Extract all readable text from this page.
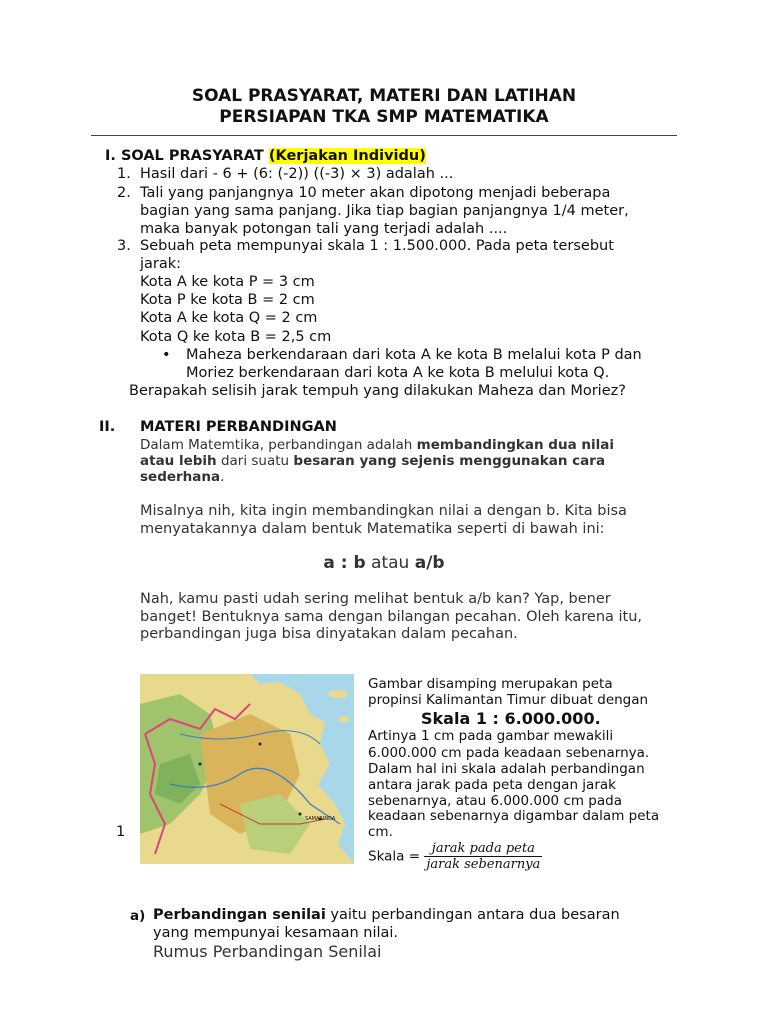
SOAL PRASYARAT, MATERI DAN LATIHAN
PERSIAPAN TKA SMP MATEMATIKA
I. SOAL PRASYARAT (Kerjakan Individu)
1. Hasil dari - 6 + (6: (-2)) ((-3) × 3) adalah ...
2. Tali yang panjangnya 10 meter akan dipotong menjadi beberapa
bagian yang sama panjang. Jika tiap bagian panjangnya 1/4 meter,
maka banyak potongan tali yang terjadi adalah ....
3. Sebuah peta mempunyai skala 1 : 1.500.000. Pada peta tersebut
jarak:
Kota A ke kota P = 3 cm
Kota P ke kota B = 2 cm
Kota A ke kota Q = 2 cm
Kota Q ke kota B = 2,5 cm
• Maheza berkendaraan dari kota A ke kota B melalui kota P dan
Moriez berkendaraan dari kota A ke kota B melului kota Q.
Berapakah selisih jarak tempuh yang dilakukan Maheza dan Moriez?
II. MATERI PERBANDINGAN
Dalam Matemtika, perbandingan adalah membandingkan dua nilai
atau lebih dari suatu besaran yang sejenis menggunakan cara
sederhana.
Misalnya nih, kita ingin membandingkan nilai a dengan b. Kita bisa
menyatakannya dalam bentuk Matematika seperti di bawah ini:
a : b atau a/b
Nah, kamu pasti udah sering melihat bentuk a/b kan? Yap, bener
banget! Bentuknya sama dengan bilangan pecahan. Oleh karena itu,
perbandingan juga bisa dinyatakan dalam pecahan.
1
SAMARINDA
Gambar disamping merupakan peta
propinsi Kalimantan Timur dibuat dengan
Skala 1 : 6.000.000.
Artinya 1 cm pada gambar mewakili
6.000.000 cm pada keadaan sebenarnya.
Dalam hal ini skala adalah perbandingan
antara jarak pada peta dengan jarak
sebenarnya, atau 6.000.000 cm pada
keadaan sebenarnya digambar dalam peta
cm.
Skala = $\frac{\text{jarak pada peta}}{\text{jarak sebenarnya}}$
a) Perbandingan senilai yaitu perbandingan antara dua besaran
yang mempunyai kesamaan nilai.
Rumus Perbandingan Senilai
